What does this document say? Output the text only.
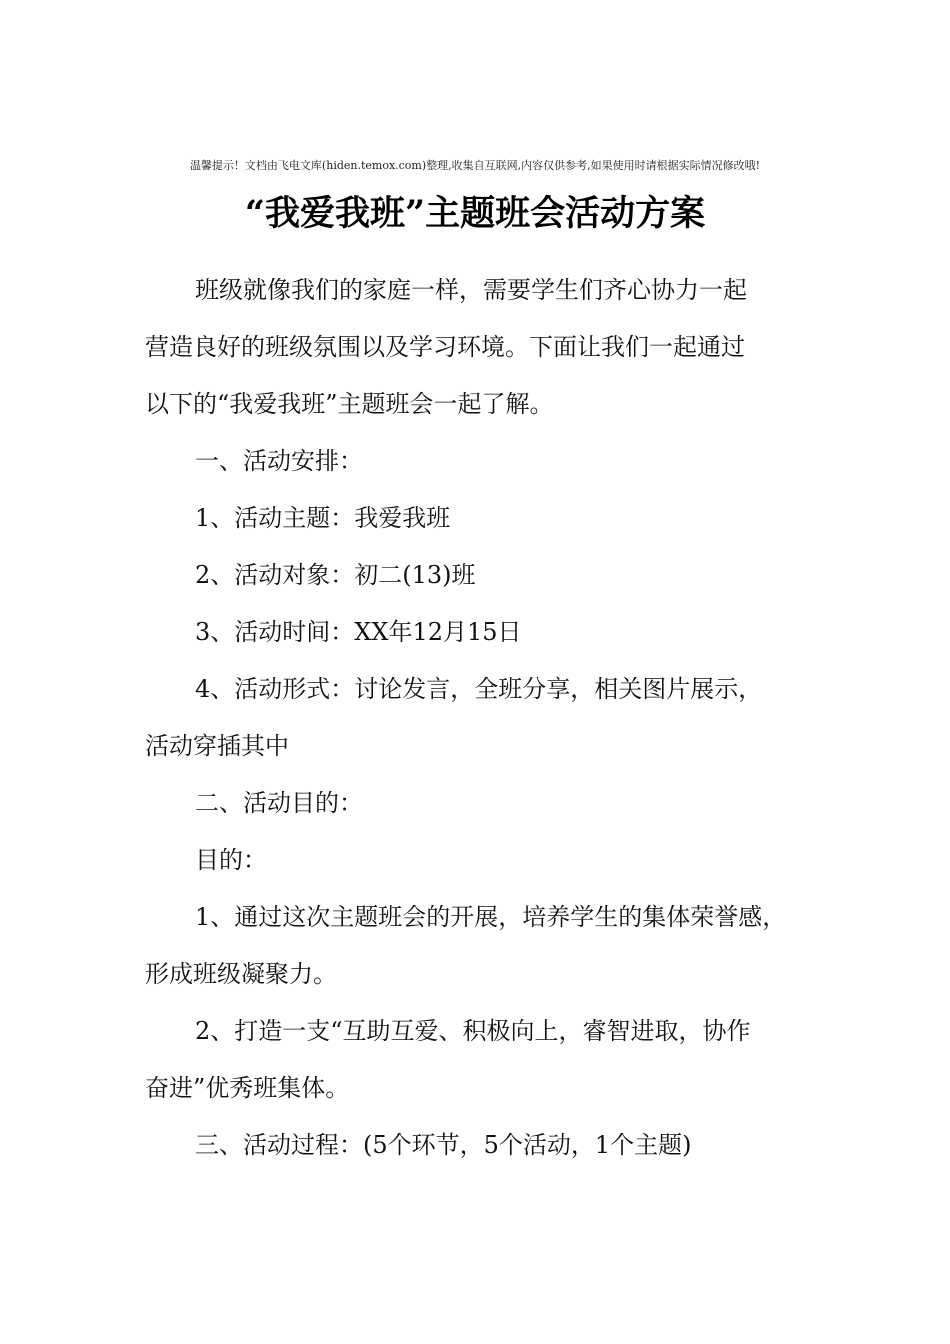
温馨提示！文档由飞电文库(hiden.temox.com)整理,收集自互联网,内容仅供参考,如果使用时请根据实际情况修改哦!
“我爱我班”主题班会活动方案
班级就像我们的家庭一样，需要学生们齐心协力一起
营造良好的班级氛围以及学习环境。下面让我们一起通过
以下的“我爱我班”主题班会一起了解。
一、活动安排：
1、活动主题：我爱我班
2、活动对象：初二(13)班
3、活动时间：XX年12月15日
4、活动形式：讨论发言，全班分享，相关图片展示，
活动穿插其中
二、活动目的：
目的：
1、通过这次主题班会的开展，培养学生的集体荣誉感，
形成班级凝聚力。
2、打造一支“互助互爱、积极向上，睿智进取，协作
奋进”优秀班集体。
三、活动过程：(5个环节，5个活动，1个主题)
